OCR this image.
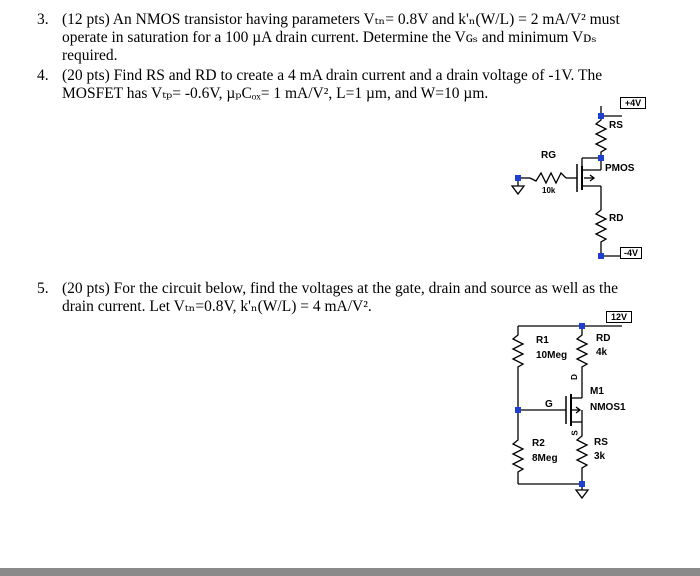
3. (12 pts) An NMOS transistor having parameters Vₜₙ= 0.8V and k'ₙ(W/L) = 2 mA/V² must
operate in saturation for a 100 µA drain current. Determine the Vɢₛ and minimum Vᴅₛ
required.
4. (20 pts) Find RS and RD to create a 4 mA drain current and a drain voltage of -1V. The
MOSFET has Vₜₚ= -0.6V, µₚCₒₓ= 1 mA/V², L=1 µm, and W=10 µm.
5. (20 pts) For the circuit below, find the voltages at the gate, drain and source as well as the
drain current. Let Vₜₙ=0.8V, k'ₙ(W/L) = 4 mA/V².
+4V
RS
PMOS
RG
10k
RD
-4V
12V
R1
10Meg
RD
4k
D
M1
NMOS1
G
S
R2
8Meg
RS
3k
